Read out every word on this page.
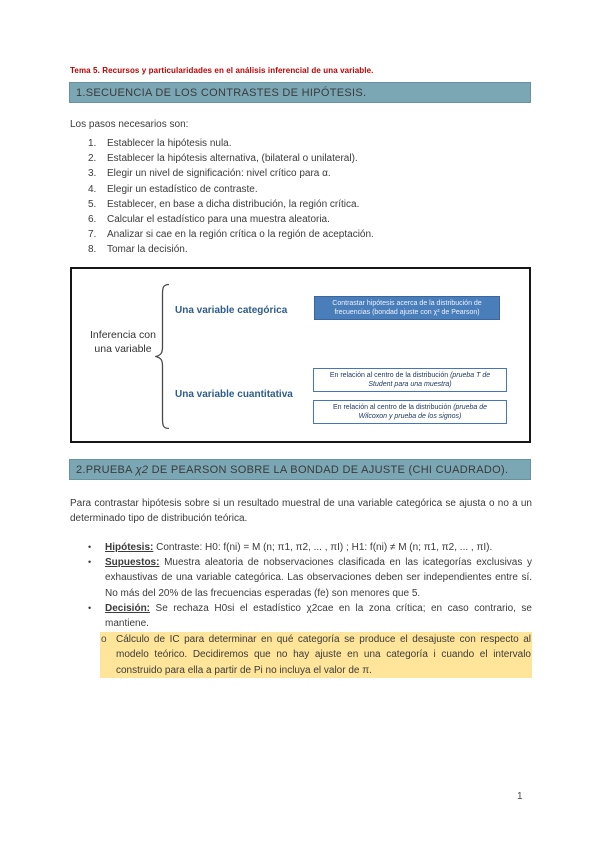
Tema 5. Recursos y particularidades en el análisis inferencial de una variable.
1.SECUENCIA DE LOS CONTRASTES DE HIPÓTESIS.
Los pasos necesarios son:
1.	Establecer la hipótesis nula.
2.	Establecer la hipótesis alternativa, (bilateral o unilateral).
3.	Elegir un nivel de significación: nivel crítico para α.
4.	Elegir un estadístico de contraste.
5.	Establecer, en base a dicha distribución, la región crítica.
6.	Calcular el estadístico para una muestra aleatoria.
7.	Analizar si cae en la región crítica o la región de aceptación.
8.	Tomar la decisión.
Inferencia con una variable
Una variable categórica
Contrastar hipótesis acerca de la distribución de frecuencias (bondad ajuste con χ² de Pearson)
Una variable cuantitativa
En relación al centro de la distribución (prueba T de Student para una muestra)
En relación al centro de la distribución (prueba de Wilcoxon y prueba de los signos)
2.PRUEBA χ2 DE PEARSON SOBRE LA BONDAD DE AJUSTE (CHI CUADRADO).
Para contrastar hipótesis sobre si un resultado muestral de una variable categórica se ajusta o no a un determinado tipo de distribución teórica.
•	Hipótesis: Contraste: H0: f(ni) = M (n; π1, π2, ... , πI) ; H1: f(ni) ≠ M (n; π1, π2, ... , πI).
•	Supuestos: Muestra aleatoria de nobservaciones clasificada en las icategorías exclusivas y exhaustivas de una variable categórica. Las observaciones deben ser independientes entre sí. No más del 20% de las frecuencias esperadas (fe) son menores que 5.
•	Decisión: Se rechaza H0si el estadístico χ2cae en la zona crítica; en caso contrario, se mantiene.
o Cálculo de IC para determinar en qué categoría se produce el desajuste con respecto al modelo teórico. Decidiremos que no hay ajuste en una categoría i cuando el intervalo construido para ella a partir de Pi no incluya el valor de π.
1
